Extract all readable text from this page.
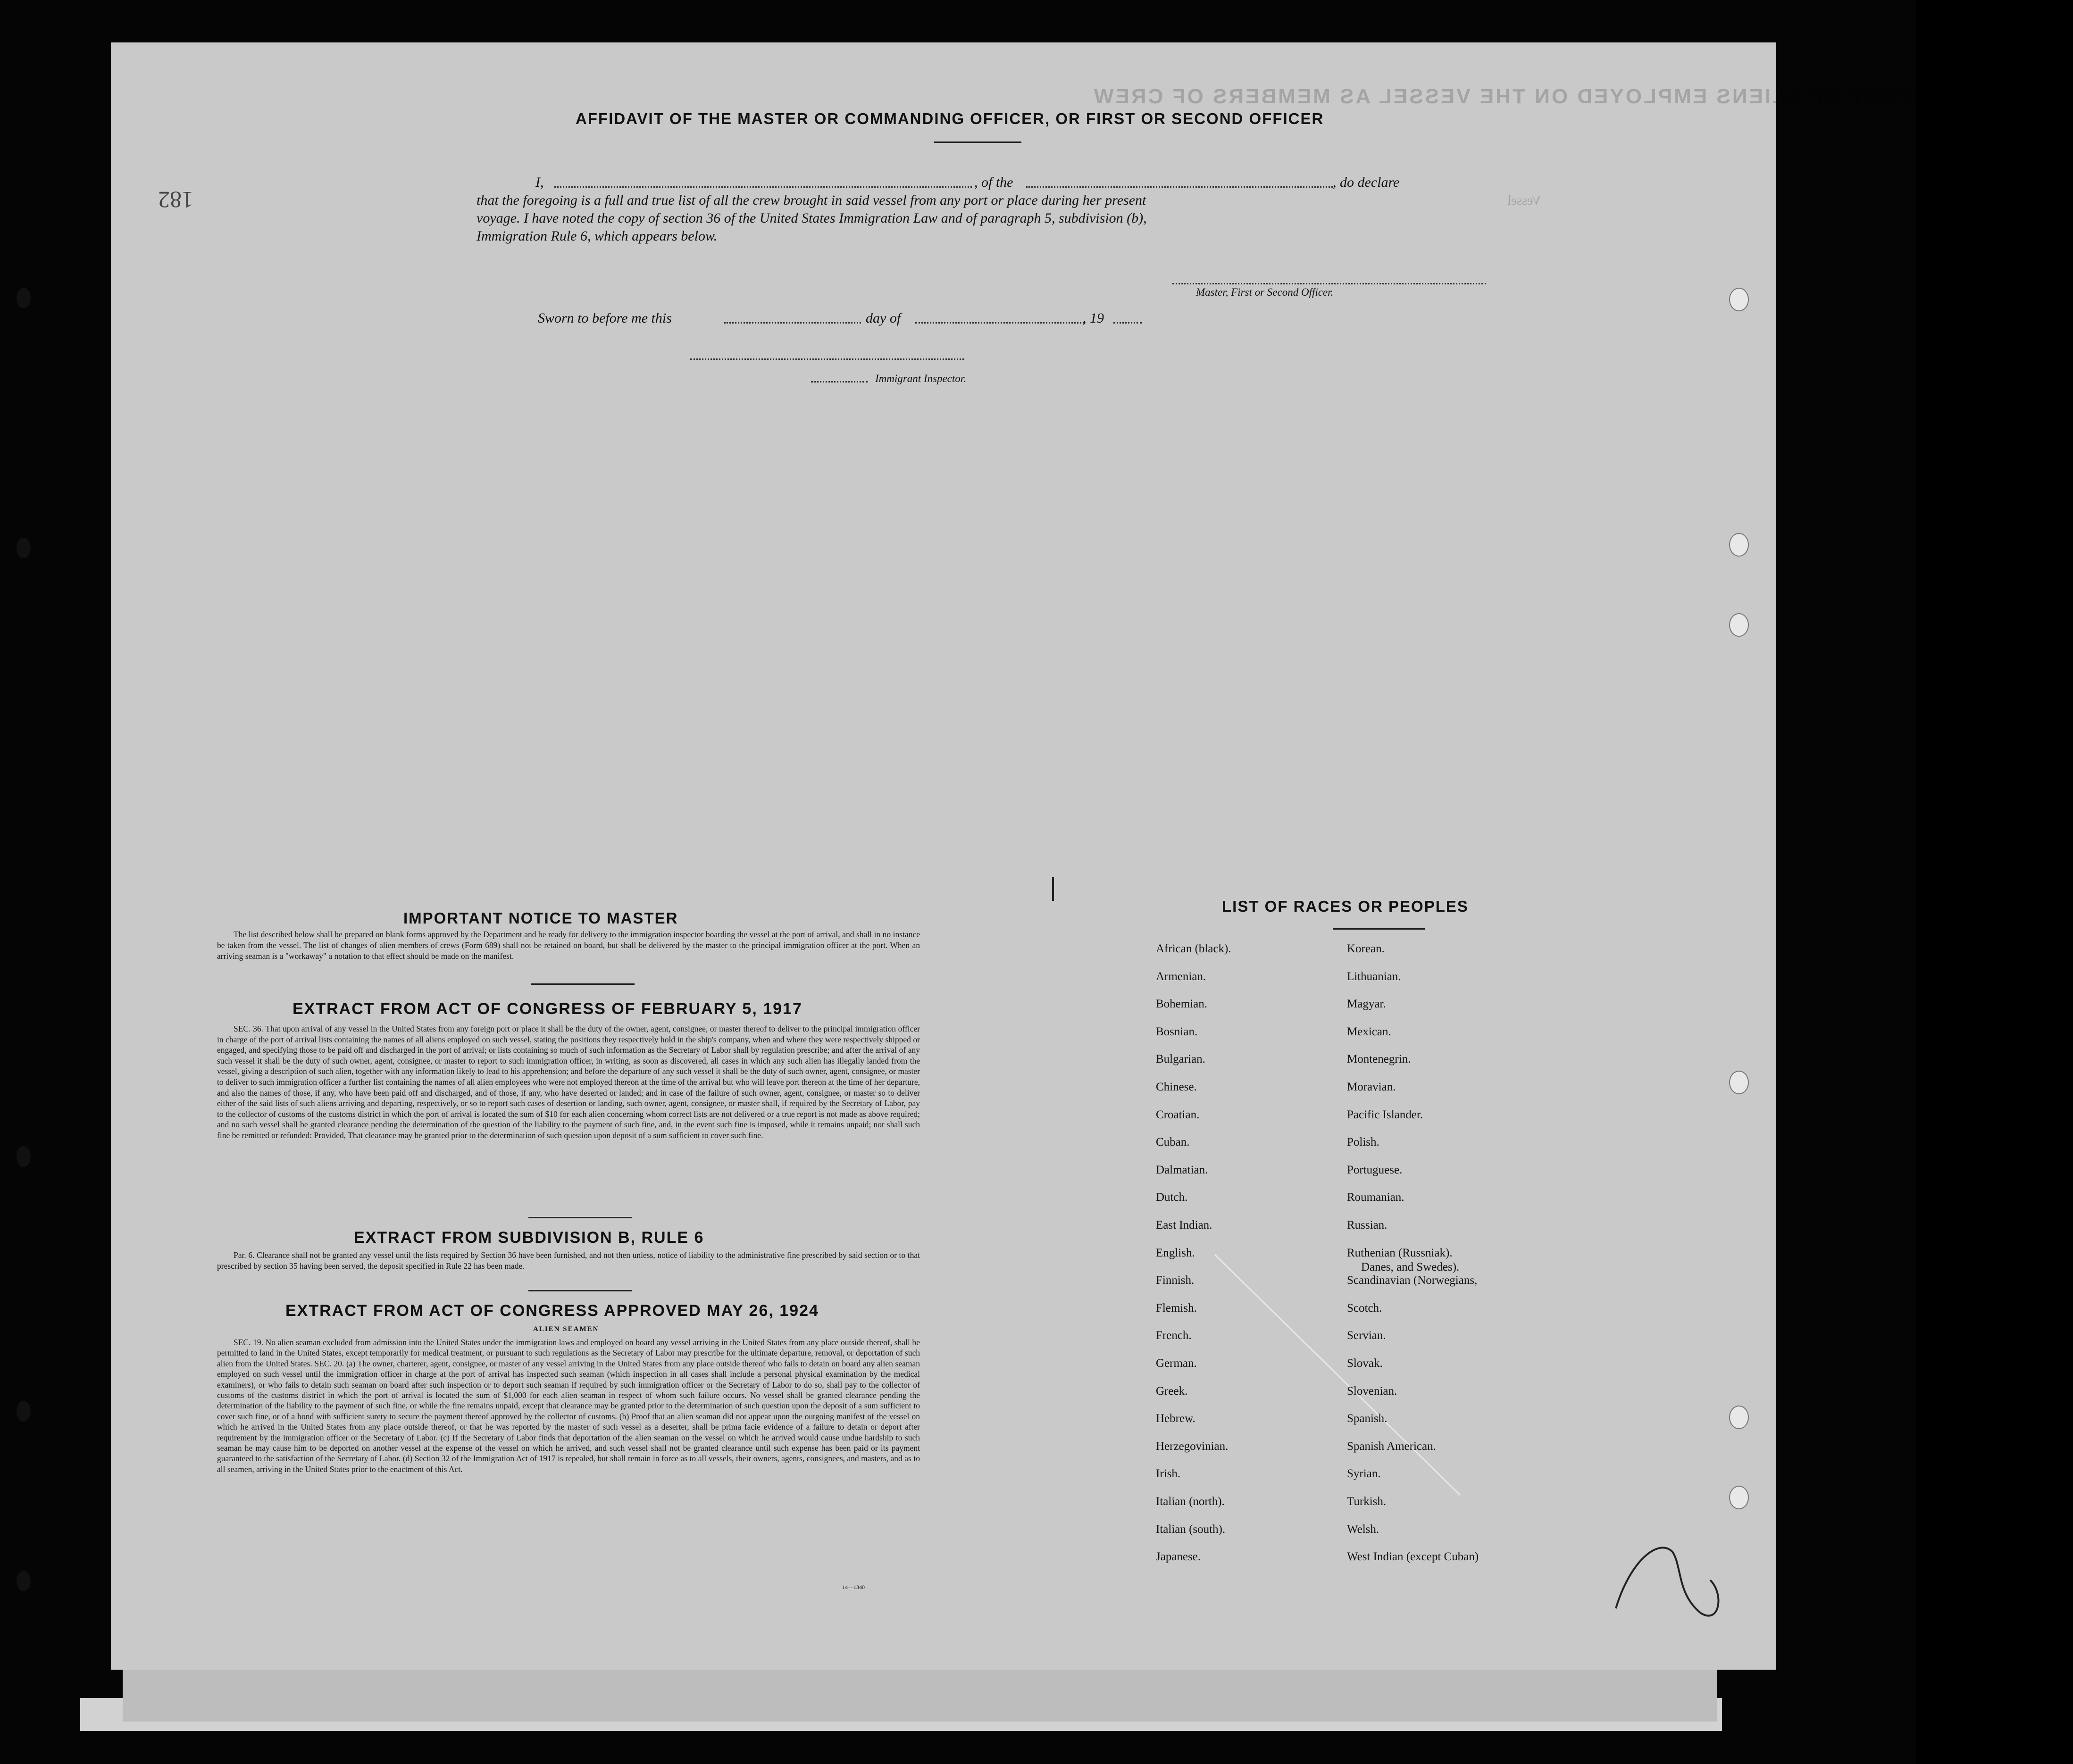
LIST OR MANIFEST OF ALIENS EMPLOYED ON THE VESSEL AS MEMBERS OF CREW
Vessel
182
AFFIDAVIT OF THE MASTER OR COMMANDING OFFICER, OR FIRST OR SECOND OFFICER
I,	, of the	, do declare
that the foregoing is a full and true list of all the crew brought in said vessel from any port or place during her present
voyage. I have noted the copy of section 36 of the United States Immigration Law and of paragraph 5, subdivision (b),
Immigration Rule 6, which appears below.
Master, First or Second Officer.
Sworn to before me this	day of	, 19
Immigrant Inspector.
IMPORTANT NOTICE TO MASTER
The list described below shall be prepared on blank forms approved by the Department and be ready for delivery to the immigration inspector boarding the vessel at the port of arrival, and shall in no instance be taken from the vessel. The list of changes of alien members of crews (Form 689) shall not be retained on board, but shall be delivered by the master to the principal immigration officer at the port. When an arriving seaman is a "workaway" a notation to that effect should be made on the manifest.
EXTRACT FROM ACT OF CONGRESS OF FEBRUARY 5, 1917
SEC. 36. That upon arrival of any vessel in the United States from any foreign port or place it shall be the duty of the owner, agent, consignee, or master thereof to deliver to the principal immigration officer in charge of the port of arrival lists containing the names of all aliens employed on such vessel, stating the positions they respectively hold in the ship's company, when and where they were respectively shipped or engaged, and specifying those to be paid off and discharged in the port of arrival; or lists containing so much of such information as the Secretary of Labor shall by regulation prescribe; and after the arrival of any such vessel it shall be the duty of such owner, agent, consignee, or master to report to such immigration officer, in writing, as soon as discovered, all cases in which any such alien has illegally landed from the vessel, giving a description of such alien, together with any information likely to lead to his apprehension; and before the departure of any such vessel it shall be the duty of such owner, agent, consignee, or master to deliver to such immigration officer a further list containing the names of all alien employees who were not employed thereon at the time of the arrival but who will leave port thereon at the time of her departure, and also the names of those, if any, who have been paid off and discharged, and of those, if any, who have deserted or landed; and in case of the failure of such owner, agent, consignee, or master so to deliver either of the said lists of such aliens arriving and departing, respectively, or so to report such cases of desertion or landing, such owner, agent, consignee, or master shall, if required by the Secretary of Labor, pay to the collector of customs of the customs district in which the port of arrival is located the sum of $10 for each alien concerning whom correct lists are not delivered or a true report is not made as above required; and no such vessel shall be granted clearance pending the determination of the question of the liability to the payment of such fine, and, in the event such fine is imposed, while it remains unpaid; nor shall such fine be remitted or refunded: Provided, That clearance may be granted prior to the determination of such question upon deposit of a sum sufficient to cover such fine.
EXTRACT FROM SUBDIVISION B, RULE 6
Par. 6. Clearance shall not be granted any vessel until the lists required by Section 36 have been furnished, and not then unless, notice of liability to the administrative fine prescribed by said section or to that prescribed by section 35 having been served, the deposit specified in Rule 22 has been made.
EXTRACT FROM ACT OF CONGRESS APPROVED MAY 26, 1924
ALIEN SEAMEN
SEC. 19. No alien seaman excluded from admission into the United States under the immigration laws and employed on board any vessel arriving in the United States from any place outside thereof, shall be permitted to land in the United States, except temporarily for medical treatment, or pursuant to such regulations as the Secretary of Labor may prescribe for the ultimate departure, removal, or deportation of such alien from the United States. SEC. 20. (a) The owner, charterer, agent, consignee, or master of any vessel arriving in the United States from any place outside thereof who fails to detain on board any alien seaman employed on such vessel until the immigration officer in charge at the port of arrival has inspected such seaman (which inspection in all cases shall include a personal physical examination by the medical examiners), or who fails to detain such seaman on board after such inspection or to deport such seaman if required by such immigration officer or the Secretary of Labor to do so, shall pay to the collector of customs of the customs district in which the port of arrival is located the sum of $1,000 for each alien seaman in respect of whom such failure occurs. No vessel shall be granted clearance pending the determination of the liability to the payment of such fine, or while the fine remains unpaid, except that clearance may be granted prior to the determination of such question upon the deposit of a sum sufficient to cover such fine, or of a bond with sufficient surety to secure the payment thereof approved by the collector of customs. (b) Proof that an alien seaman did not appear upon the outgoing manifest of the vessel on which he arrived in the United States from any place outside thereof, or that he was reported by the master of such vessel as a deserter, shall be prima facie evidence of a failure to detain or deport after requirement by the immigration officer or the Secretary of Labor. (c) If the Secretary of Labor finds that deportation of the alien seaman on the vessel on which he arrived would cause undue hardship to such seaman he may cause him to be deported on another vessel at the expense of the vessel on which he arrived, and such vessel shall not be granted clearance until such expense has been paid or its payment guaranteed to the satisfaction of the Secretary of Labor. (d) Section 32 of the Immigration Act of 1917 is repealed, but shall remain in force as to all vessels, their owners, agents, consignees, and masters, and as to all seamen, arriving in the United States prior to the enactment of this Act.
14—1340
LIST OF RACES OR PEOPLES
Danes, and Swedes).
African (black).
Armenian.
Bohemian.
Bosnian.
Bulgarian.
Chinese.
Croatian.
Cuban.
Dalmatian.
Dutch.
East Indian.
English.
Finnish.
Flemish.
French.
German.
Greek.
Hebrew.
Herzegovinian.
Irish.
Italian (north).
Italian (south).
Japanese.
Korean.
Lithuanian.
Magyar.
Mexican.
Montenegrin.
Moravian.
Pacific Islander.
Polish.
Portuguese.
Roumanian.
Russian.
Ruthenian (Russniak).
Scandinavian (Norwegians,
Scotch.
Servian.
Slovak.
Slovenian.
Spanish.
Spanish American.
Syrian.
Turkish.
Welsh.
West Indian (except Cuban)
